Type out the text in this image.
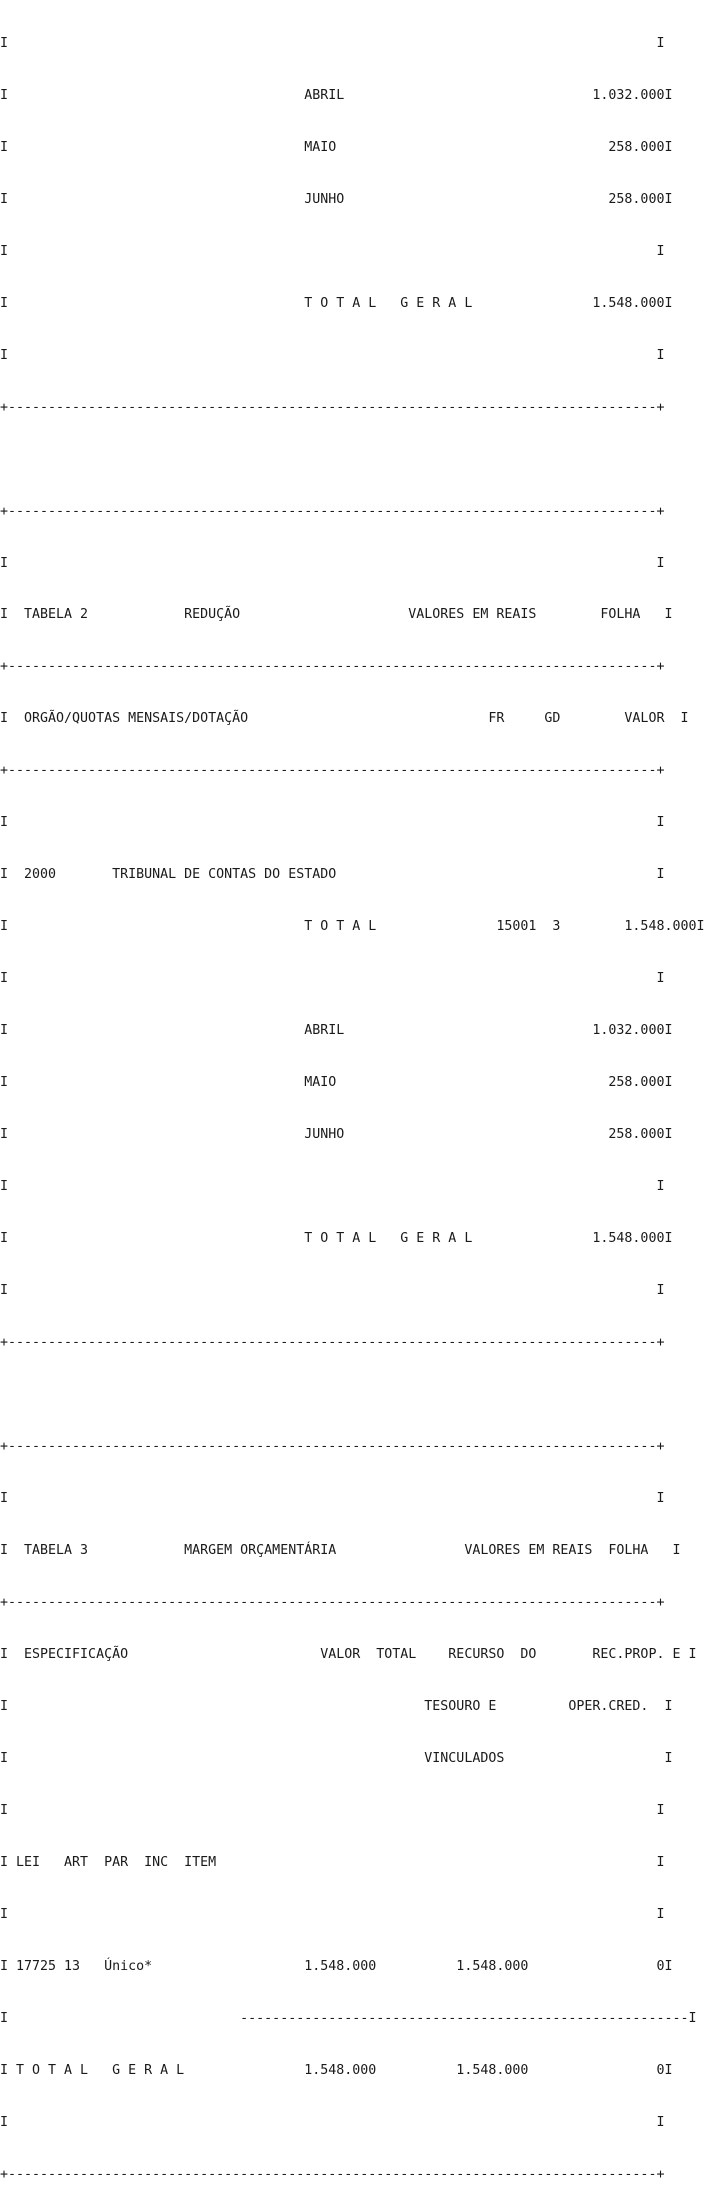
I                                                                                 I

I                                     ABRIL                               1.032.000I

I                                     MAIO                                  258.000I

I                                     JUNHO                                 258.000I

I                                                                                 I

I                                     T O T A L   G E R A L               1.548.000I

I                                                                                 I

+---------------------------------------------------------------------------------+

+---------------------------------------------------------------------------------+

I                                                                                 I

I  TABELA 2            REDUÇÃO                     VALORES EM REAIS        FOLHA   I

+---------------------------------------------------------------------------------+

I  ORGÃO/QUOTAS MENSAIS/DOTAÇÃO                              FR     GD        VALOR  I

+---------------------------------------------------------------------------------+

I                                                                                 I

I  2000       TRIBUNAL DE CONTAS DO ESTADO                                        I

I                                     T O T A L               15001  3        1.548.000I

I                                                                                 I

I                                     ABRIL                               1.032.000I

I                                     MAIO                                  258.000I

I                                     JUNHO                                 258.000I

I                                                                                 I

I                                     T O T A L   G E R A L               1.548.000I

I                                                                                 I

+---------------------------------------------------------------------------------+

+---------------------------------------------------------------------------------+

I                                                                                 I

I  TABELA 3            MARGEM ORÇAMENTÁRIA                VALORES EM REAIS  FOLHA   I

+---------------------------------------------------------------------------------+

I  ESPECIFICAÇÃO                        VALOR  TOTAL    RECURSO  DO       REC.PROP. E I

I                                                    TESOURO E         OPER.CRED.  I

I                                                    VINCULADOS                    I

I                                                                                 I

I LEI   ART  PAR  INC  ITEM                                                       I

I                                                                                 I

I 17725 13   Único*                   1.548.000          1.548.000                0I

I                             --------------------------------------------------------I

I T O T A L   G E R A L               1.548.000          1.548.000                0I

I                                                                                 I

+---------------------------------------------------------------------------------+
